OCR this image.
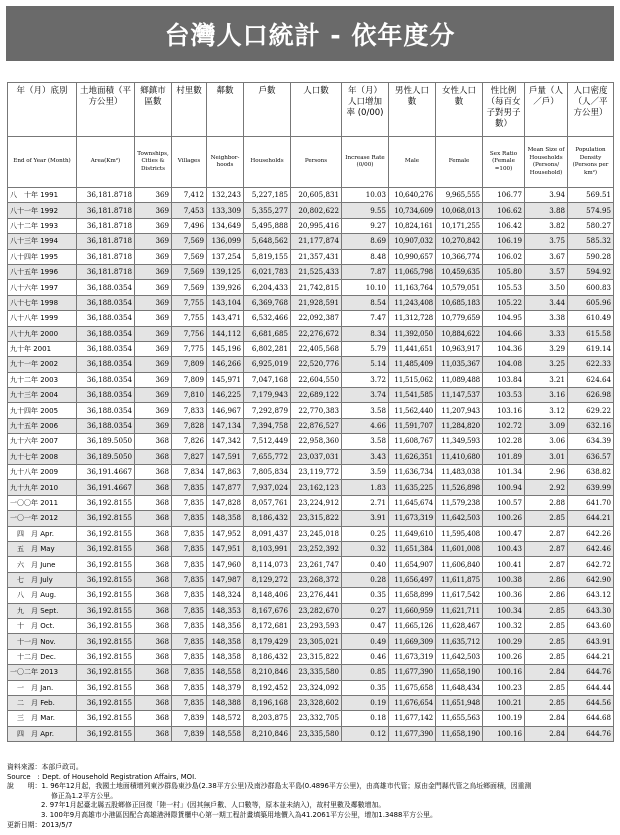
台灣人口統計 - 依年度分
年（月）底別	土地面積（平方公里）	鄉鎮市區數	村里數	鄰數	戶數	人口數	年（月）人口增加率 (0/00)	男性人口數	女性人口數	性比例（每百女子對男子數）	戶量（人／戶）	人口密度（人／平方公里）
End of Year (Month)	Area(Km²)	Townships, Cities & Districts	Villages	Neighbor-hoods	Households	Persons	Increase Rate (0/00)	Male	Female	Sex Ratio (Female =100)	Mean Size of Households (Persons/ Household)	Population Density (Persons per km²)
八　十年 1991	36,181.8718	369	7,412	132,243	5,227,185	20,605,831	10.03	10,640,276	9,965,555	106.77	3.94	569.51
八十一年 1992	36,181.8718	369	7,453	133,309	5,355,277	20,802,622	9.55	10,734,609	10,068,013	106.62	3.88	574.95
八十二年 1993	36,181.8718	369	7,496	134,649	5,495,888	20,995,416	9.27	10,824,161	10,171,255	106.42	3.82	580.27
八十三年 1994	36,181.8718	369	7,569	136,099	5,648,562	21,177,874	8.69	10,907,032	10,270,842	106.19	3.75	585.32
八十四年 1995	36,181.8718	369	7,569	137,254	5,819,155	21,357,431	8.48	10,990,657	10,366,774	106.02	3.67	590.28
八十五年 1996	36,181.8718	369	7,569	139,125	6,021,783	21,525,433	7.87	11,065,798	10,459,635	105.80	3.57	594.92
八十六年 1997	36,188.0354	369	7,569	139,926	6,204,433	21,742,815	10.10	11,163,764	10,579,051	105.53	3.50	600.83
八十七年 1998	36,188.0354	369	7,755	143,104	6,369,768	21,928,591	8.54	11,243,408	10,685,183	105.22	3.44	605.96
八十八年 1999	36,188.0354	369	7,755	143,471	6,532,466	22,092,387	7.47	11,312,728	10,779,659	104.95	3.38	610.49
八十九年 2000	36,188.0354	369	7,756	144,112	6,681,685	22,276,672	8.34	11,392,050	10,884,622	104.66	3.33	615.58
九十年 2001	36,188.0354	369	7,775	145,196	6,802,281	22,405,568	5.79	11,441,651	10,963,917	104.36	3.29	619.14
九十一年 2002	36,188.0354	369	7,809	146,266	6,925,019	22,520,776	5.14	11,485,409	11,035,367	104.08	3.25	622.33
九十二年 2003	36,188.0354	369	7,809	145,971	7,047,168	22,604,550	3.72	11,515,062	11,089,488	103.84	3.21	624.64
九十三年 2004	36,188.0354	369	7,810	146,225	7,179,943	22,689,122	3.74	11,541,585	11,147,537	103.53	3.16	626.98
九十四年 2005	36,188.0354	369	7,833	146,967	7,292,879	22,770,383	3.58	11,562,440	11,207,943	103.16	3.12	629.22
九十五年 2006	36,188.0354	369	7,828	147,134	7,394,758	22,876,527	4.66	11,591,707	11,284,820	102.72	3.09	632.16
九十六年 2007	36,189.5050	368	7,826	147,342	7,512,449	22,958,360	3.58	11,608,767	11,349,593	102.28	3.06	634.39
九十七年 2008	36,189.5050	368	7,827	147,591	7,655,772	23,037,031	3.43	11,626,351	11,410,680	101.89	3.01	636.57
九十八年 2009	36,191.4667	368	7,834	147,863	7,805,834	23,119,772	3.59	11,636,734	11,483,038	101.34	2.96	638.82
九十九年 2010	36,191.4667	368	7,835	147,877	7,937,024	23,162,123	1.83	11,635,225	11,526,898	100.94	2.92	639.99
一〇〇年 2011	36,192.8155	368	7,835	147,828	8,057,761	23,224,912	2.71	11,645,674	11,579,238	100.57	2.88	641.70
一〇一年 2012	36,192.8155	368	7,835	148,358	8,186,432	23,315,822	3.91	11,673,319	11,642,503	100.26	2.85	644.21
　四　月 Apr.	36,192.8155	368	7,835	147,952	8,091,437	23,245,018	0.25	11,649,610	11,595,408	100.47	2.87	642.26
　五　月 May	36,192.8155	368	7,835	147,951	8,103,991	23,252,392	0.32	11,651,384	11,601,008	100.43	2.87	642.46
　六　月 June	36,192.8155	368	7,835	147,960	8,114,073	23,261,747	0.40	11,654,907	11,606,840	100.41	2.87	642.72
　七　月 July	36,192.8155	368	7,835	147,987	8,129,272	23,268,372	0.28	11,656,497	11,611,875	100.38	2.86	642.90
　八　月 Aug.	36,192.8155	368	7,835	148,324	8,148,406	23,276,441	0.35	11,658,899	11,617,542	100.36	2.86	643.12
　九　月 Sept.	36,192.8155	368	7,835	148,353	8,167,676	23,282,670	0.27	11,660,959	11,621,711	100.34	2.85	643.30
　十　月 Oct.	36,192.8155	368	7,835	148,356	8,172,681	23,293,593	0.47	11,665,126	11,628,467	100.32	2.85	643.60
　十一月 Nov.	36,192.8155	368	7,835	148,358	8,179,429	23,305,021	0.49	11,669,309	11,635,712	100.29	2.85	643.91
　十二月 Dec.	36,192.8155	368	7,835	148,358	8,186,432	23,315,822	0.46	11,673,319	11,642,503	100.26	2.85	644.21
一〇二年 2013	36,192.8155	368	7,835	148,558	8,210,846	23,335,580	0.85	11,677,390	11,658,190	100.16	2.84	644.76
　一　月 Jan.	36,192.8155	368	7,835	148,379	8,192,452	23,324,092	0.35	11,675,658	11,648,434	100.23	2.85	644.44
　二　月 Feb.	36,192.8155	368	7,835	148,388	8,196,168	23,328,602	0.19	11,676,654	11,651,948	100.21	2.85	644.56
　三　月 Mar.	36,192.8155	368	7,839	148,572	8,203,875	23,332,705	0.18	11,677,142	11,655,563	100.19	2.84	644.68
　四　月 Apr.	36,192.8155	368	7,839	148,558	8,210,846	23,335,580	0.12	11,677,390	11,658,190	100.16	2.84	644.76
資料來源：本部戶政司。
Source　: Dept. of Household Registration Affairs, MOI.
說　　明：1. 96年12月起，我國土地面積增列東沙群島東沙島(2.38平方公里)及南沙群島太平島(0.4896平方公里)，由高雄市代管；原由金門縣代管之烏坵鄉面積，因重測
修正為1.2平方公里。
2. 97年1月起臺北縣五股鄉修正回復「陸一村」(因其無戶數、人口數等，原本並未納入)，故村里數及鄰數增加。
3. 100年9月高雄市小港區因配合高雄港洲際貨櫃中心第一期工程計畫填築用地價入為41.2061平方公里，增加1.3488平方公里。
更新日期：2013/5/7
